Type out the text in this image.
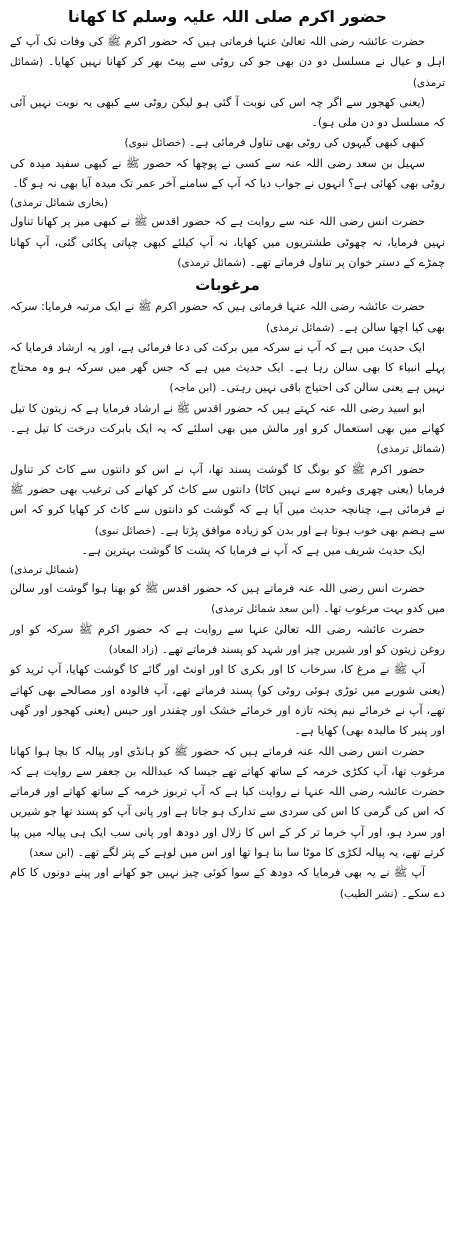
حضور اکرم صلی اللہ علیہ وسلم کا کھانا

حضرت عائشہ رضی اللہ تعالیٰ عنہا فرماتی ہیں کہ حضور اکرم ﷺ کی وفات تک آپ کے اہل و عیال نے مسلسل دو دن بھی جو کی روٹی سے پیٹ بھر کر کھانا نہیں کھایا۔ (شمائل ترمذی)

(یعنی کھجور سے اگر چہ اس کی نوبت آ گئی ہو لیکن روٹی سے کبھی یہ نوبت نہیں آئی کہ مسلسل دو دن ملی ہو)۔

کبھی کبھی گیہوں کی روٹی بھی تناول فرمائی ہے۔ (خصائل نبوی)

سہیل بن سعد رضی اللہ عنہ سے کسی نے پوچھا کہ حضور ﷺ نے کبھی سفید میدہ کی روٹی بھی کھائی ہے؟ انہوں نے جواب دیا کہ آپ کے سامنے آخر عمر تک میدہ آیا بھی نہ ہو گا۔

(بخاری شمائل ترمذی)

حضرت انس رضی اللہ عنہ سے روایت ہے کہ حضور اقدس ﷺ نے کبھی میز پر کھانا تناول نہیں فرمایا، نہ چھوٹی طشتریوں میں کھایا، نہ آپ کیلئے کبھی چپاتی پکائی گئی، آپ کھانا چمڑے کے دستر خوان پر تناول فرماتے تھے۔ (شمائل ترمذی)

مرغوبات

حضرت عائشہ رضی اللہ عنہا فرماتی ہیں کہ حضور اکرم ﷺ نے ایک مرتبہ فرمایا: سرکہ بھی کیا اچھا سالن ہے۔ (شمائل ترمذی)

ایک حدیث میں ہے کہ آپ نے سرکہ میں برکت کی دعا فرمائی ہے، اور یہ ارشاد فرمایا کہ پہلے انبیاء کا بھی سالن رہا ہے۔ ایک حدیث میں ہے کہ جس گھر میں سرکہ ہو وہ محتاج نہیں ہے یعنی سالن کی احتیاج باقی نہیں رہتی۔ (ابن ماجہ)

ابو اسید رضی اللہ عنہ کہتے ہیں کہ حضور اقدس ﷺ نے ارشاد فرمایا ہے کہ زیتون کا تیل کھانے میں بھی استعمال کرو اور مالش میں بھی اسلئے کہ یہ ایک بابرکت درخت کا تیل ہے۔ (شمائل ترمذی)

حضور اکرم ﷺ کو بونگ کا گوشت پسند تھا، آپ نے اس کو دانتوں سے کاٹ کر تناول فرمایا (یعنی چھری وغیرہ سے نہیں کاٹا) دانتوں سے کاٹ کر کھانے کی ترغیب بھی حضور ﷺ نے فرمائی ہے، چنانچہ حدیث میں آیا ہے کہ گوشت کو دانتوں سے کاٹ کر کھایا کرو کہ اس سے ہضم بھی خوب ہوتا ہے اور بدن کو زیادہ موافق پڑتا ہے۔ (خصائل نبوی)

ایک حدیث شریف میں ہے کہ آپ نے فرمایا کہ پشت کا گوشت بہترین ہے۔

(شمائل ترمذی)

حضرت انس رضی اللہ عنہ فرماتے ہیں کہ حضور اقدس ﷺ کو بھنا ہوا گوشت اور سالن میں کدو بہت مرغوب تھا۔ (ابن سعد شمائل ترمذی)

حضرت عائشہ رضی اللہ تعالیٰ عنہا سے روایت ہے کہ حضور اکرم ﷺ سرکہ کو اور روغن زیتون کو اور شیریں چیز اور شہد کو پسند فرماتے تھے۔ (زاد المعاد)

آپ ﷺ نے مرغ کا، سرخاب کا اور بکری کا اور اونٹ اور گائے کا گوشت کھایا، آپ ثرید کو (یعنی شوربے میں توڑی ہوئی روٹی کو) پسند فرماتے تھے، آپ فالودہ اور مصالحے بھی کھاتے تھے، آپ نے خرمائے نیم پختہ تازہ اور خرمائے خشک اور چقندر اور حیس (یعنی کھجور اور گھی اور پنیر کا مالیدہ بھی) کھایا ہے۔

حضرت انس رضی اللہ عنہ فرماتے ہیں کہ حضور ﷺ کو ہانڈی اور پیالہ کا بچا ہوا کھانا مرغوب تھا، آپ ککڑی خرمہ کے ساتھ کھاتے تھے جیسا کہ عبداللہ بن جعفر سے روایت ہے کہ حضرت عائشہ رضی اللہ عنہا نے روایت کیا ہے کہ آپ تربوز خرمہ کے ساتھ کھاتے اور فرماتے کہ اس کی گرمی کا اس کی سردی سے تدارک ہو جاتا ہے اور پانی آپ کو پسند تھا جو شیریں اور سرد ہو، اور آپ خرما تر کر کے اس کا زلال اور دودھ اور پانی سب ایک ہی پیالہ میں پیا کرتے تھے، یہ پیالہ لکڑی کا موٹا سا بنا ہوا تھا اور اس میں لوہے کے پتر لگے تھے۔ (ابن سعد)

آپ ﷺ نے یہ بھی فرمایا کہ دودھ کے سوا کوئی چیز نہیں جو کھانے اور پینے دونوں کا کام دے سکے۔ (نشر الطیب)
